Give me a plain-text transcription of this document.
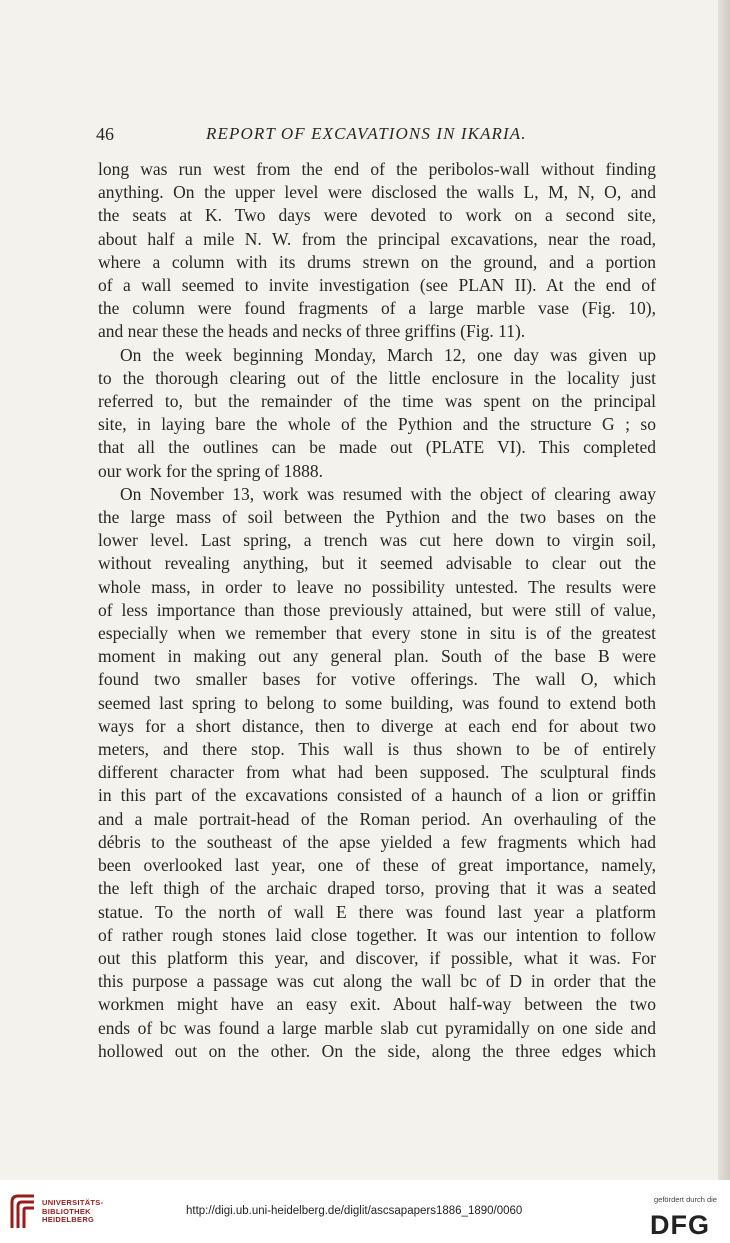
46	REPORT OF EXCAVATIONS IN IKARIA.
long was run west from the end of the peribolos-wall without finding
anything. On the upper level were disclosed the walls L, M, N, O, and
the seats at K. Two days were devoted to work on a second site,
about half a mile N. W. from the principal excavations, near the road,
where a column with its drums strewn on the ground, and a portion
of a wall seemed to invite investigation (see PLAN II). At the end of
the column were found fragments of a large marble vase (Fig. 10),
and near these the heads and necks of three griffins (Fig. 11).
On the week beginning Monday, March 12, one day was given up
to the thorough clearing out of the little enclosure in the locality just
referred to, but the remainder of the time was spent on the principal
site, in laying bare the whole of the Pythion and the structure G ; so
that all the outlines can be made out (PLATE VI). This completed
our work for the spring of 1888.
On November 13, work was resumed with the object of clearing away
the large mass of soil between the Pythion and the two bases on the
lower level. Last spring, a trench was cut here down to virgin soil,
without revealing anything, but it seemed advisable to clear out the
whole mass, in order to leave no possibility untested. The results were
of less importance than those previously attained, but were still of value,
especially when we remember that every stone in situ is of the greatest
moment in making out any general plan. South of the base B were
found two smaller bases for votive offerings. The wall O, which
seemed last spring to belong to some building, was found to extend both
ways for a short distance, then to diverge at each end for about two
meters, and there stop. This wall is thus shown to be of entirely
different character from what had been supposed. The sculptural finds
in this part of the excavations consisted of a haunch of a lion or griffin
and a male portrait-head of the Roman period. An overhauling of the
débris to the southeast of the apse yielded a few fragments which had
been overlooked last year, one of these of great importance, namely,
the left thigh of the archaic draped torso, proving that it was a seated
statue. To the north of wall E there was found last year a platform
of rather rough stones laid close together. It was our intention to follow
out this platform this year, and discover, if possible, what it was. For
this purpose a passage was cut along the wall bc of D in order that the
workmen might have an easy exit. About half-way between the two
ends of bc was found a large marble slab cut pyramidally on one side and
hollowed out on the other. On the side, along the three edges which
UNIVERSITÄTS-
BIBLIOTHEK
HEIDELBERG
http://digi.ub.uni-heidelberg.de/diglit/ascsapapers1886_1890/0060
gefördert durch die
DFG
